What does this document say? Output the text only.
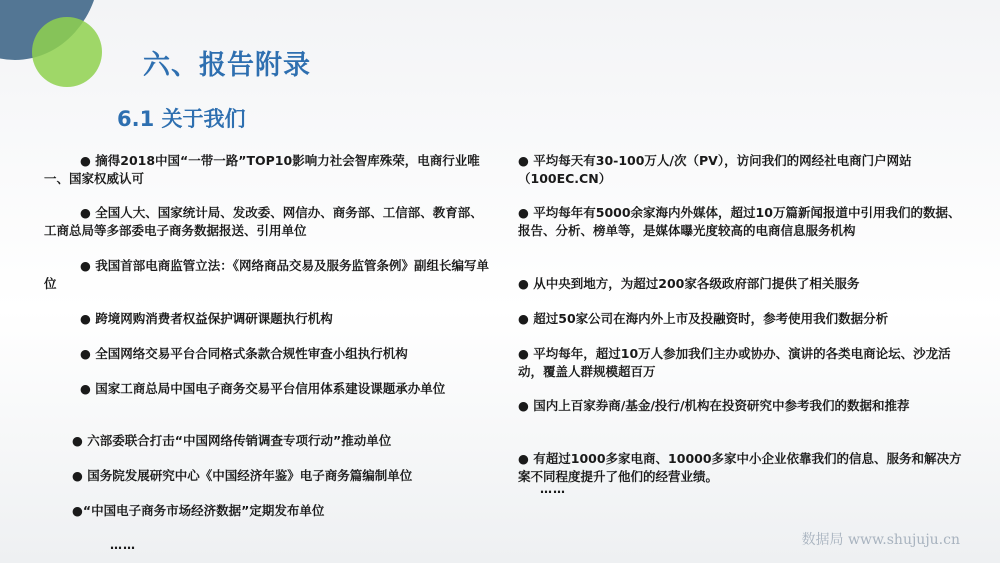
六、报告附录
6.1 关于我们
● 摘得2018中国“一带一路”TOP10影响力社会智库殊荣，电商行业唯一、国家权威认可
● 全国人大、国家统计局、发改委、网信办、商务部、工信部、教育部、 工商总局等多部委电子商务数据报送、引用单位
● 我国首部电商监管立法：《网络商品交易及服务监管条例》副组长编写单位
● 跨境网购消费者权益保护调研课题执行机构
● 全国网络交易平台合同格式条款合规性审查小组执行机构
● 国家工商总局中国电子商务交易平台信用体系建设课题承办单位
● 六部委联合打击“中国网络传销调查专项行动”推动单位
● 国务院发展研究中心《中国经济年鉴》电子商务篇编制单位
●“中国电子商务市场经济数据”定期发布单位
……
● 平均每天有30-100万人/次（PV），访问我们的网经社电商门户网站（100EC.CN）
● 平均每年有5000余家海内外媒体，超过10万篇新闻报道中引用我们的数据、报告、分析、榜单等，是媒体曝光度较高的电商信息服务机构
● 从中央到地方，为超过200家各级政府部门提供了相关服务
● 超过50家公司在海内外上市及投融资时，参考使用我们数据分析
● 平均每年，超过10万人参加我们主办或协办、演讲的各类电商论坛、沙龙活动，覆盖人群规模超百万
● 国内上百家券商/基金/投行/机构在投资研究中参考我们的数据和推荐
● 有超过1000多家电商、10000多家中小企业依靠我们的信息、服务和解决方案不同程度提升了他们的经营业绩。
……
数据局 www.shujuju.cn
